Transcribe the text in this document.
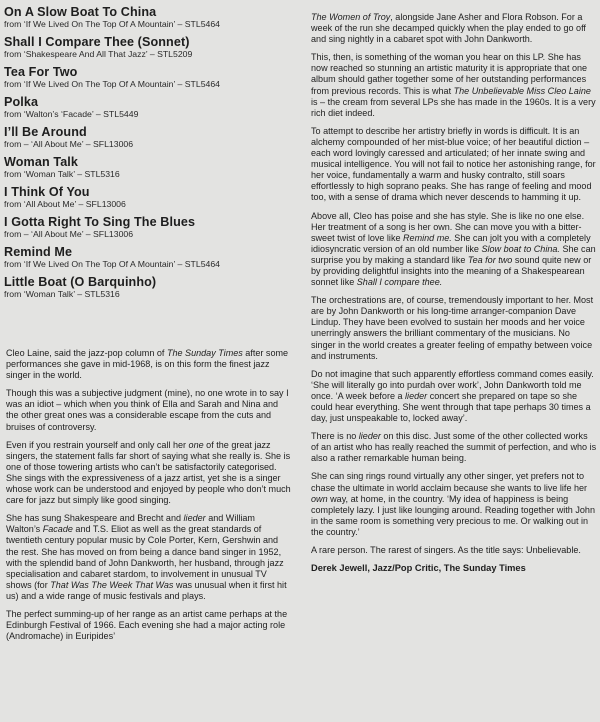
On A Slow Boat To China
from ‘If We Lived On The Top Of A Mountain’ – STL5464
Shall I Compare Thee (Sonnet)
from ‘Shakespeare And All That Jazz’ – STL5209
Tea For Two
from ‘If We Lived On The Top Of A Mountain’ – STL5464
Polka
from ‘Walton’s ‘Facade’ – STL5449
I’ll Be Around
from – ‘All About Me’ – SFL13006
Woman Talk
from ‘Woman Talk’ – STL5316
I Think Of You
from ‘All About Me’ – SFL13006
I Gotta Right To Sing The Blues
from – ‘All About Me’ – SFL13006
Remind Me
from ‘If We Lived On The Top Of A Mountain’ – STL5464
Little Boat (O Barquinho)
from ‘Woman Talk’ – STL5316

Cleo Laine, said the jazz-pop column of The Sunday Times after some performances she gave in mid-1968, is on this form the finest jazz singer in the world.

Though this was a subjective judgment (mine), no one wrote in to say I was an idiot – which when you think of Ella and Sarah and Nina and the other great ones was a considerable escape from the cuts and bruises of controversy.

Even if you restrain yourself and only call her one of the great jazz singers, the statement falls far short of saying what she really is. She is one of those towering artists who can’t be satisfactorily categorised. She sings with the expressiveness of a jazz artist, yet she is a singer whose work can be understood and enjoyed by people who don’t much care for jazz but simply like good singing.

She has sung Shakespeare and Brecht and lieder and William Walton’s Facade and T.S. Eliot as well as the great standards of twentieth century popular music by Cole Porter, Kern, Gershwin and the rest. She has moved on from being a dance band singer in 1952, with the splendid band of John Dankworth, her husband, through jazz specialisation and cabaret stardom, to involvement in unusual TV shows (for That Was The Week That Was was unusual when it first hit us) and a wide range of music festivals and plays.

The perfect summing-up of her range as an artist came perhaps at the Edinburgh Festival of 1966. Each evening she had a major acting role (Andromache) in Euripides’

The Women of Troy, alongside Jane Asher and Flora Robson. For a week of the run she decamped quickly when the play ended to go off and sing nightly in a cabaret spot with John Dankworth.

This, then, is something of the woman you hear on this LP. She has now reached so stunning an artistic maturity it is appropriate that one album should gather together some of her outstanding performances from previous records. This is what The Unbelievable Miss Cleo Laine is – the cream from several LPs she has made in the 1960s. It is a very rich diet indeed.

To attempt to describe her artistry briefly in words is difficult. It is an alchemy compounded of her mist-blue voice; of her beautiful diction – each word lovingly caressed and articulated; of her innate swing and musical intelligence. You will not fail to notice her astonishing range, for her voice, fundamentally a warm and husky contralto, still soars effortlessly to high soprano peaks. She has range of feeling and mood too, with a sense of drama which never descends to hamming it up.

Above all, Cleo has poise and she has style. She is like no one else. Her treatment of a song is her own. She can move you with a bitter-sweet twist of love like Remind me. She can jolt you with a completely idiosyncratic version of an old number like Slow boat to China. She can surprise you by making a standard like Tea for two sound quite new or by providing delightful insights into the meaning of a Shakespearean sonnet like Shall I compare thee.

The orchestrations are, of course, tremendously important to her. Most are by John Dankworth or his long-time arranger-companion Dave Lindup. They have been evolved to sustain her moods and her voice unerringly answers the brilliant commentary of the musicians. No singer in the world creates a greater feeling of empathy between voice and instruments.

Do not imagine that such apparently effortless command comes easily. ‘She will literally go into purdah over work’, John Dankworth told me once. ‘A week before a lieder concert she prepared on tape so she could hear everything. She went through that tape perhaps 30 times a day, just unspeakable to, locked away’.

There is no lieder on this disc. Just some of the other collected works of an artist who has really reached the summit of perfection, and who is also a rather remarkable human being.

She can sing rings round virtually any other singer, yet prefers not to chase the ultimate in world acclaim because she wants to live life her own way, at home, in the country. ‘My idea of happiness is being completely lazy. I just like lounging around. Reading together with John in the same room is something very precious to me. Or walking out in the country.’

A rare person. The rarest of singers. As the title says: Unbelievable.

Derek Jewell, Jazz/Pop Critic, The Sunday Times
